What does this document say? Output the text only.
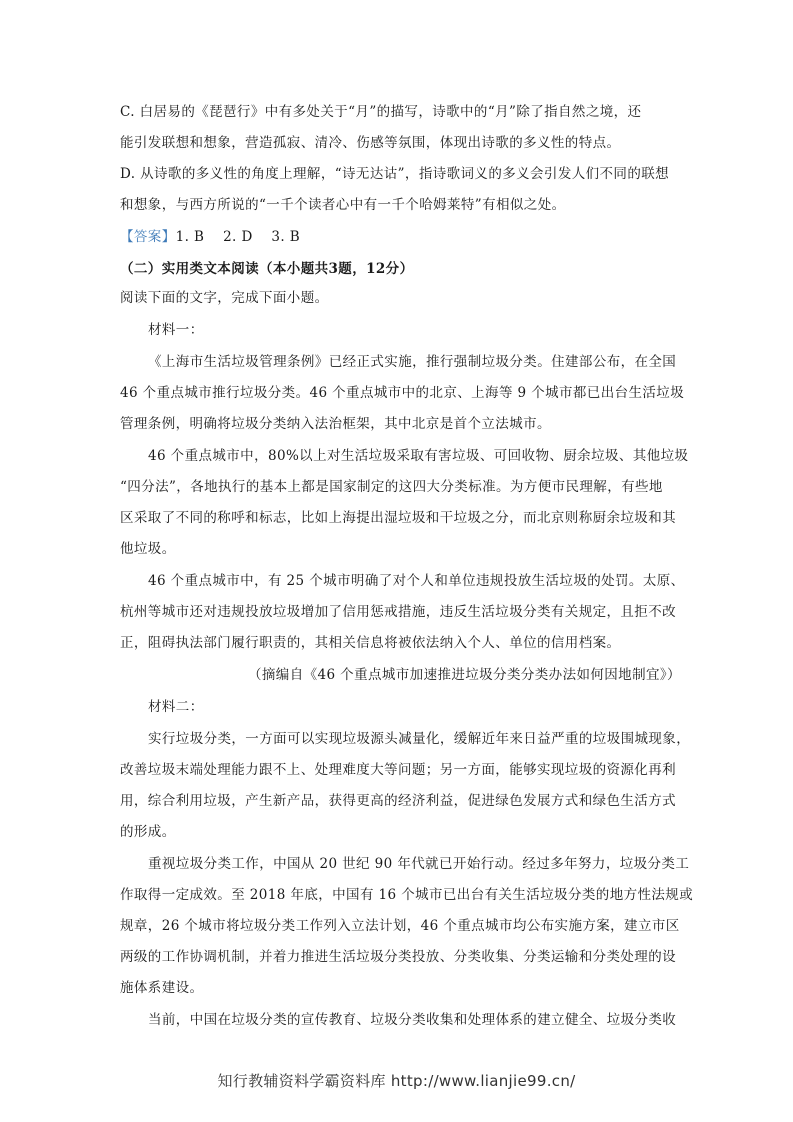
C. 白居易的《琵琶行》中有多处关于“月”的描写，诗歌中的“月”除了指自然之境，还
能引发联想和想象，营造孤寂、清冷、伤感等氛围，体现出诗歌的多义性的特点。
D. 从诗歌的多义性的角度上理解，“诗无达诂”，指诗歌词义的多义会引发人们不同的联想
和想象，与西方所说的“一千个读者心中有一千个哈姆莱特”有相似之处。
【答案】1. B    2. D    3. B
（二）实用类文本阅读（本小题共3题，12分）
阅读下面的文字，完成下面小题。
材料一：
《上海市生活垃圾管理条例》已经正式实施，推行强制垃圾分类。住建部公布，在全国
46 个重点城市推行垃圾分类。46 个重点城市中的北京、上海等 9 个城市都已出台生活垃圾
管理条例，明确将垃圾分类纳入法治框架，其中北京是首个立法城市。
46 个重点城市中，80%以上对生活垃圾采取有害垃圾、可回收物、厨余垃圾、其他垃圾
“四分法”，各地执行的基本上都是国家制定的这四大分类标准。为方便市民理解，有些地
区采取了不同的称呼和标志，比如上海提出湿垃圾和干垃圾之分，而北京则称厨余垃圾和其
他垃圾。
46 个重点城市中，有 25 个城市明确了对个人和单位违规投放生活垃圾的处罚。太原、
杭州等城市还对违规投放垃圾增加了信用惩戒措施，违反生活垃圾分类有关规定，且拒不改
正，阻碍执法部门履行职责的，其相关信息将被依法纳入个人、单位的信用档案。
（摘编自《46 个重点城市加速推进垃圾分类分类办法如何因地制宜》）
材料二：
实行垃圾分类，一方面可以实现垃圾源头减量化，缓解近年来日益严重的垃圾围城现象，
改善垃圾末端处理能力跟不上、处理难度大等问题；另一方面，能够实现垃圾的资源化再利
用，综合利用垃圾，产生新产品，获得更高的经济利益，促进绿色发展方式和绿色生活方式
的形成。
重视垃圾分类工作，中国从 20 世纪 90 年代就已开始行动。经过多年努力，垃圾分类工
作取得一定成效。至 2018 年底，中国有 16 个城市已出台有关生活垃圾分类的地方性法规或
规章，26 个城市将垃圾分类工作列入立法计划，46 个重点城市均公布实施方案，建立市区
两级的工作协调机制，并着力推进生活垃圾分类投放、分类收集、分类运输和分类处理的设
施体系建设。
当前，中国在垃圾分类的宣传教育、垃圾分类收集和处理体系的建立健全、垃圾分类收
知行教辅资料学霸资料库 http://www.lianjie99.cn/
